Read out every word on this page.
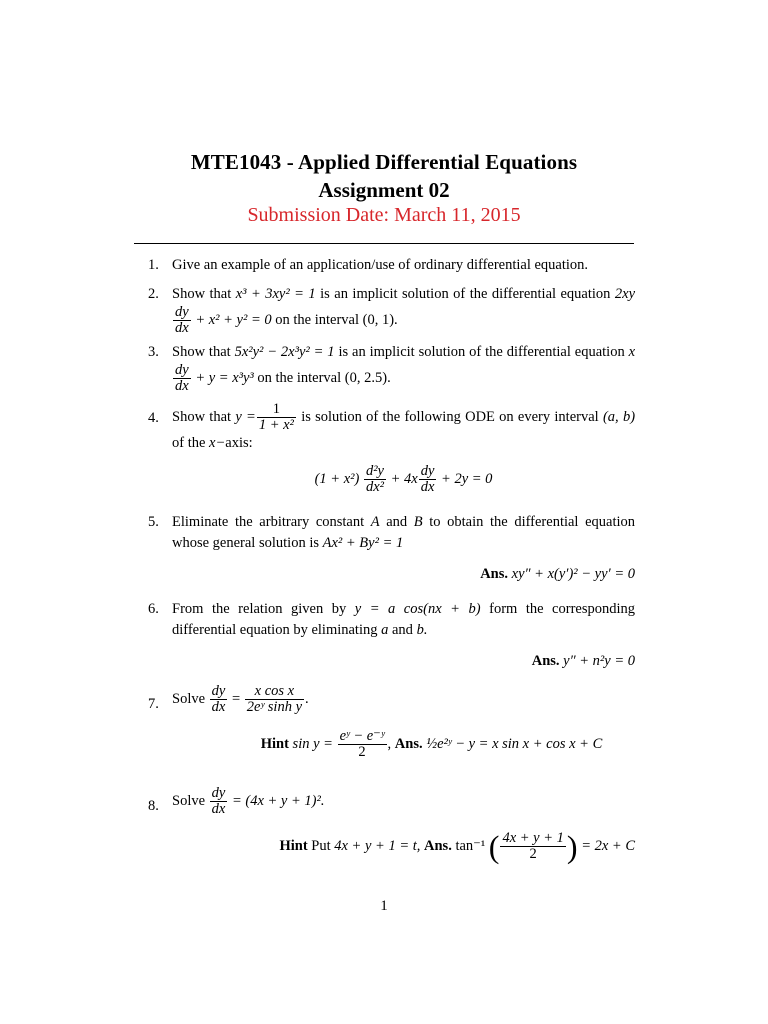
MTE1043 - Applied Differential Equations
Assignment 02
Submission Date: March 11, 2015
1. Give an example of an application/use of ordinary differential equation.
2. Show that x³ + 3xy² = 1 is an implicit solution of the differential equation 2xy
$\frac{dy}{dx} + x^2 + y^2 = 0$ on the interval (0, 1).
3. Show that 5x²y² − 2x³y² = 1 is an implicit solution of the differential equation x
$\frac{dy}{dx} + y = x^3y^3$ on the interval (0, 2.5).
4. Show that $y = \frac{1}{\text{1 + x²}}$ is solution of the following ODE on every interval (a, b) of the x−axis:
$(1 + x^2) \frac{\text{d²y}}{\text{dx²}} + 4x \frac{dy}{dx} + 2y = 0$
5. Eliminate the arbitrary constant A and B to obtain the differential equation whose general solution is Ax² + By² = 1
Ans. xy″ + x(y′)² − yy′ = 0
6. From the relation given by y = a cos(nx + b) form the corresponding differential equation by eliminating a and b.
Ans. y″ + n²y = 0
7. Solve $\frac{dy}{dx} = \frac{\text{x cos x}}{\text{2eʸ sinh y}}$ .
Hint $\sin y = \frac{\text{eʸ − e⁻ʸ}}{2}$ , Ans. ½e²ʸ − y = x sin x + cos x + C
8. Solve $\frac{dy}{dx} = (4x + y + 1)^2$.
Hint Put 4x + y + 1 = t, Ans. tan⁻¹ ( $\frac{4x + y + 1}{2}$ ) = 2x + C
1
